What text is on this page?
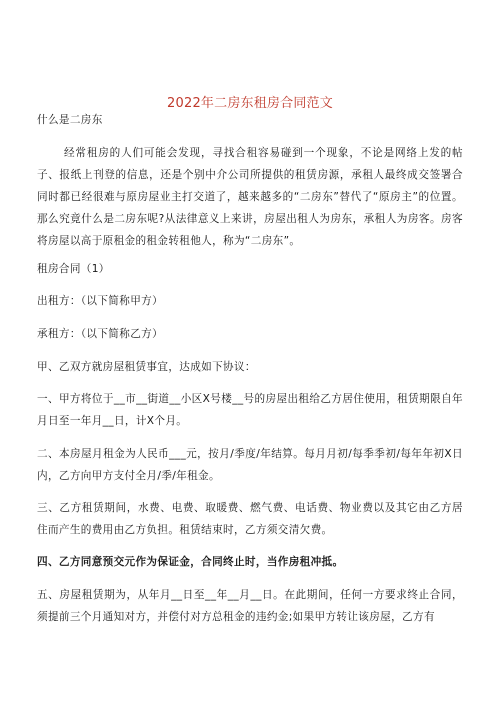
2022年二房东租房合同范文

什么是二房东

经常租房的人们可能会发现，寻找合租容易碰到一个现象，不论是网络上发的帖子、报纸上刊登的信息，还是个别中介公司所提供的租赁房源，承租人最终成交签署合同时都已经很难与原房屋业主打交道了，越来越多的“二房东”替代了“原房主”的位置。那么究竟什么是二房东呢?从法律意义上来讲，房屋出租人为房东，承租人为房客。房客将房屋以高于原租金的租金转租他人，称为“二房东”。

租房合同（1）

出租方：（以下简称甲方）

承租方：（以下简称乙方）

甲、乙双方就房屋租赁事宜，达成如下协议：

一、甲方将位于__市__街道__小区X号楼__号的房屋出租给乙方居住使用，租赁期限自年月日至一年月__日，计X个月。

二、本房屋月租金为人民币___元，按月/季度/年结算。每月月初/每季季初/每年年初X日内，乙方向甲方支付全月/季/年租金。

三、乙方租赁期间，水费、电费、取暖费、燃气费、电话费、物业费以及其它由乙方居住而产生的费用由乙方负担。租赁结束时，乙方须交清欠费。

四、乙方同意预交元作为保证金，合同终止时，当作房租冲抵。

五、房屋租赁期为，从年月__日至__年__月__日。在此期间，任何一方要求终止合同，须提前三个月通知对方，并偿付对方总租金的违约金;如果甲方转让该房屋，乙方有
